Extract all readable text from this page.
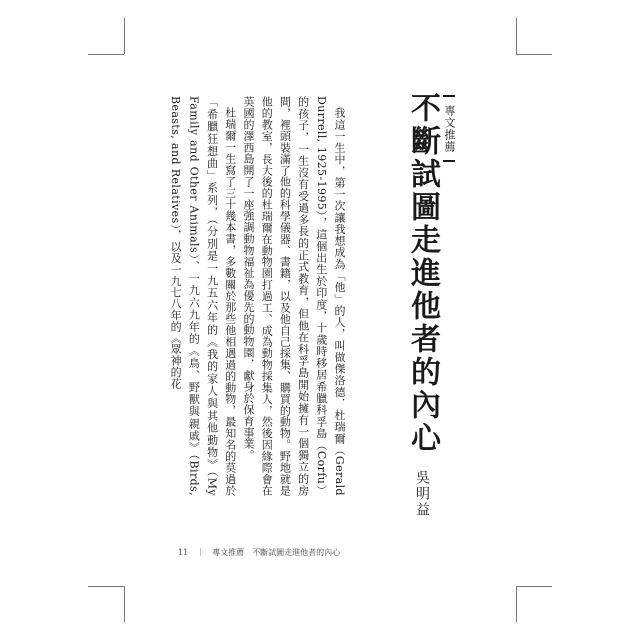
專文推薦
不斷試圖走進他者的內心
吳明益

我這一生中，第一次讓我想成為「他」的人，叫做傑洛德．杜瑞爾（Gerald Durrell, 1925-1995），這個出生於印度，十歲時移居希臘科孚島（Corfu）的孩子，一生沒有受過多長的正式教育，但他在科孚島開始擁有一個獨立的房間，裡頭裝滿了他的科學儀器、書籍，以及他自己採集、購買的動物。野地就是他的教室，長大後的杜瑞爾在動物園打過工、成為動物採集人，然後因緣際會在英國的澤西島開了一座強調動物福祉為優先的動物園，獻身於保育事業。

杜瑞爾一生寫了三十幾本書，多數關於那些他相遇過的動物，最知名的莫過於「希臘狂想曲」系列，（分別是一九五六年的《我的家人與其他動物》（My Family and Other Animals）、一九六九年的《鳥、野獸與親戚》（Birds, Beasts, and Relatives），以及一九七八年的《眾神的花

11 ｜ 專文推薦 不斷試圖走進他者的內心
